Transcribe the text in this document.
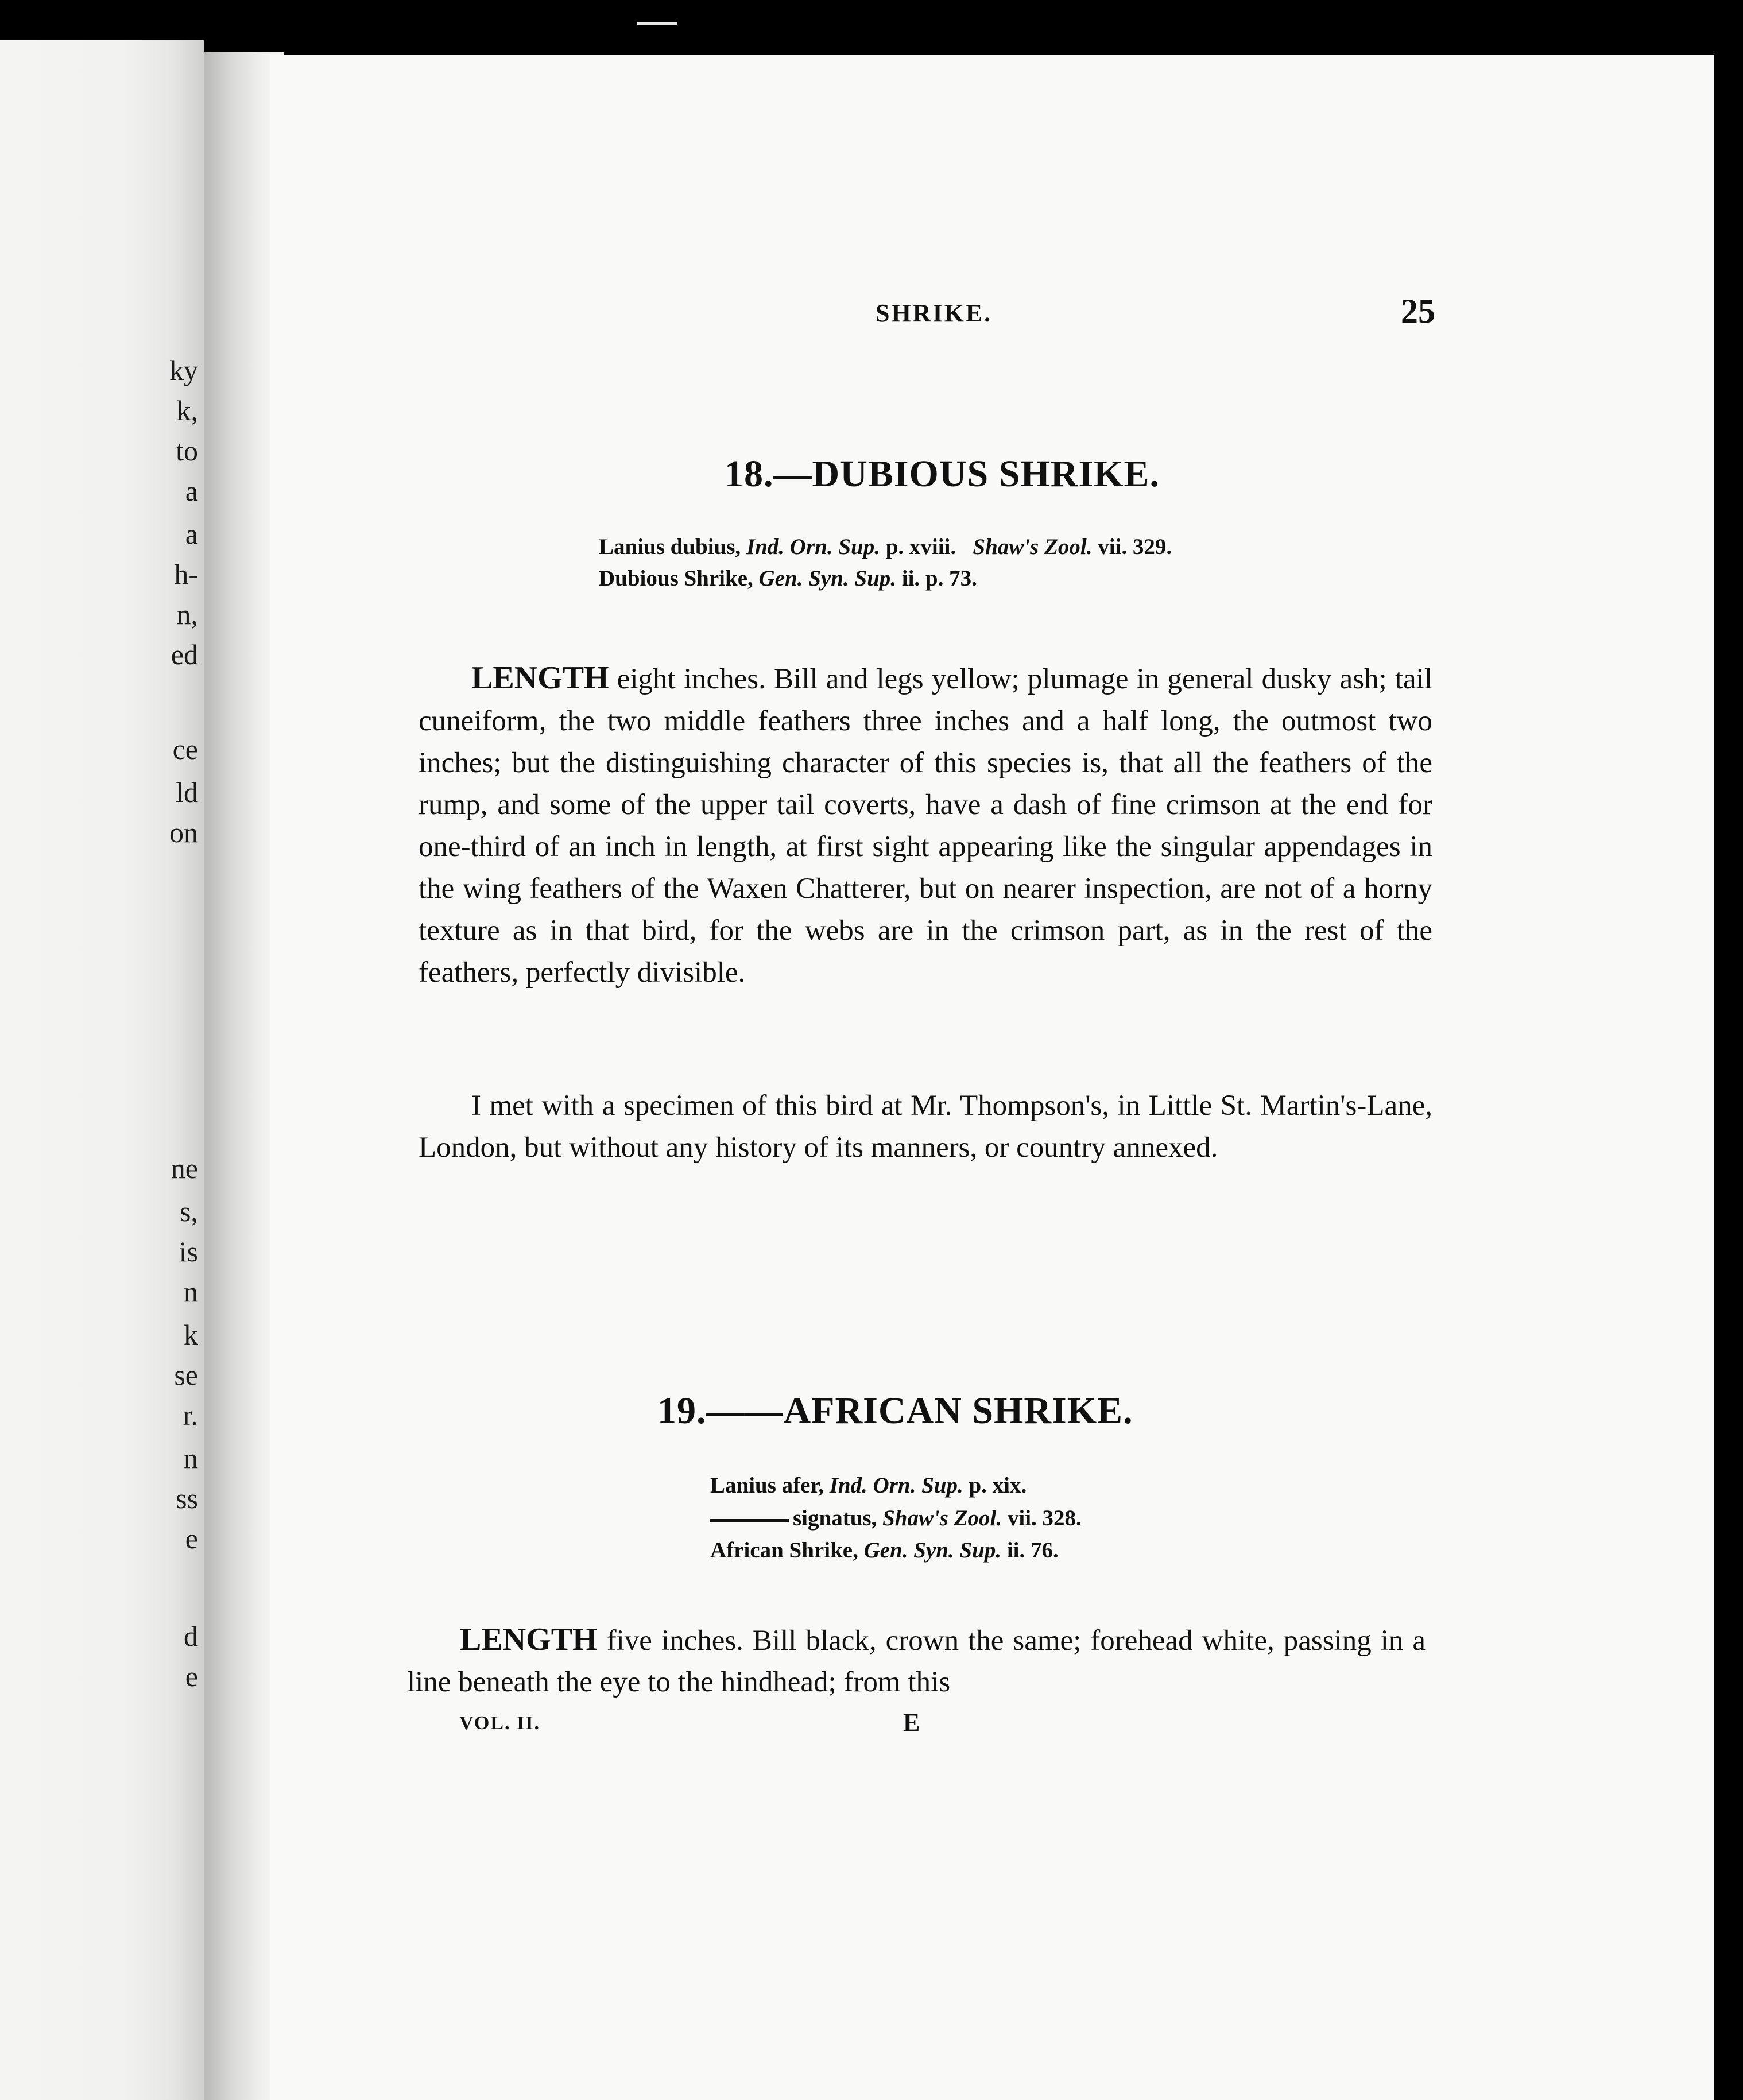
ky
k,
to
a
a
h-
n,
ed
ce
ld
on
ne
s,
is
n
k
se
r.
n
ss
e
d
e
SHRIKE.	25
18.—DUBIOUS SHRIKE.
Lanius dubius, Ind. Orn. Sup. p. xviii. Shaw's Zool. vii. 329.
Dubious Shrike, Gen. Syn. Sup. ii. p. 73.

LENGTH eight inches. Bill and legs yellow; plumage in general dusky ash; tail cuneiform, the two middle feathers three inches and a half long, the outmost two inches; but the distinguishing character of this species is, that all the feathers of the rump, and some of the upper tail coverts, have a dash of fine crimson at the end for one-third of an inch in length, at first sight appearing like the singular appendages in the wing feathers of the Waxen Chatterer, but on nearer inspection, are not of a horny texture as in that bird, for the webs are in the crimson part, as in the rest of the feathers, perfectly divisible.

I met with a specimen of this bird at Mr. Thompson's, in Little St. Martin's-Lane, London, but without any history of its manners, or country annexed.

19.——AFRICAN SHRIKE.
Lanius afer, Ind. Orn. Sup. p. xix.
signatus, Shaw's Zool. vii. 328.
African Shrike, Gen. Syn. Sup. ii. 76.

LENGTH five inches. Bill black, crown the same; forehead white, passing in a line beneath the eye to the hindhead; from this

VOL. II.	E
